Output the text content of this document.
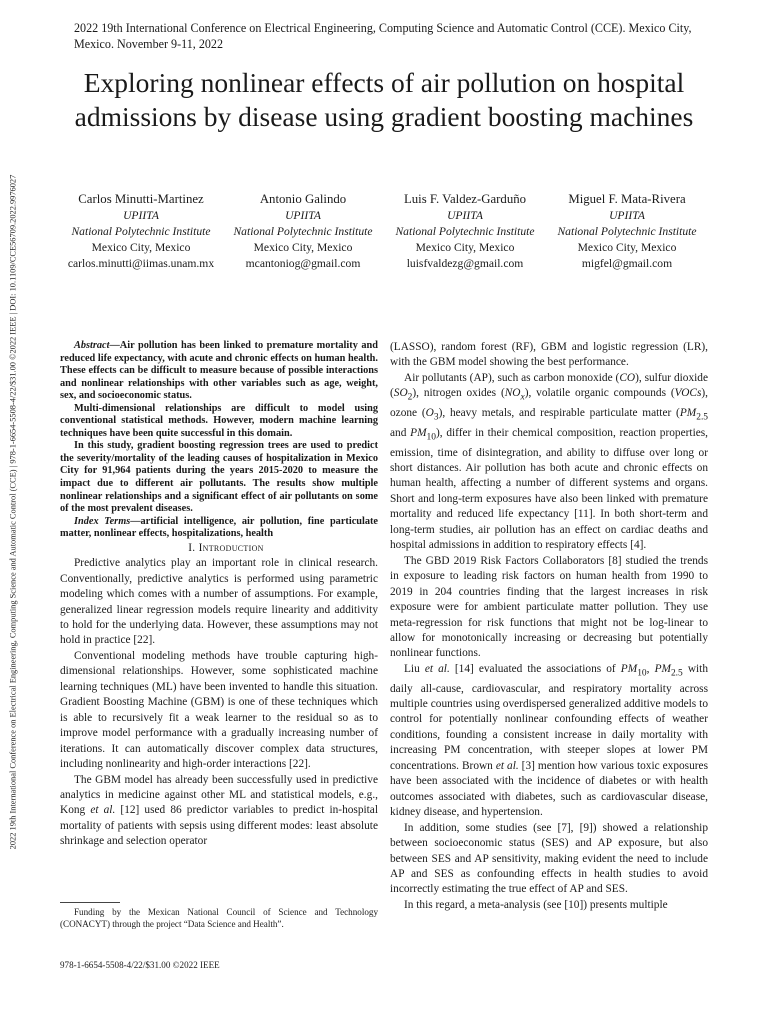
2022 19th International Conference on Electrical Engineering, Computing Science and Automatic Control (CCE) | 978-1-6654-5508-4/22/$31.00 ©2022 IEEE | DOI: 10.1109/CCE56709.2022.9976027
2022 19th International Conference on Electrical Engineering, Computing Science and Automatic Control (CCE). Mexico City, Mexico. November 9-11, 2022
Exploring nonlinear effects of air pollution on hospital admissions by disease using gradient boosting machines
Carlos Minutti-Martinez
UPIITA
National Polytechnic Institute
Mexico City, Mexico
carlos.minutti@iimas.unam.mx
Antonio Galindo
UPIITA
National Polytechnic Institute
Mexico City, Mexico
mcantoniog@gmail.com
Luis F. Valdez-Garduño
UPIITA
National Polytechnic Institute
Mexico City, Mexico
luisfvaldezg@gmail.com
Miguel F. Mata-Rivera
UPIITA
National Polytechnic Institute
Mexico City, Mexico
migfel@gmail.com

Abstract—Air pollution has been linked to premature mortality and reduced life expectancy, with acute and chronic effects on human health. These effects can be difficult to measure because of possible interactions and nonlinear relationships with other variables such as age, weight, sex, and socioeconomic status.

Multi-dimensional relationships are difficult to model using conventional statistical methods. However, modern machine learning techniques have been quite successful in this domain.

In this study, gradient boosting regression trees are used to predict the severity/mortality of the leading causes of hospitalization in Mexico City for 91,964 patients during the years 2015-2020 to measure the impact due to different air pollutants. The results show multiple nonlinear relationships and a significant effect of air pollutants on some of the most prevalent diseases.

Index Terms—artificial intelligence, air pollution, fine particulate matter, nonlinear effects, hospitalizations, health

I. Introduction

Predictive analytics play an important role in clinical research. Conventionally, predictive analytics is performed using parametric modeling which comes with a number of assumptions. For example, generalized linear regression models require linearity and additivity to hold for the underlying data. However, these assumptions may not hold in practice [22].

Conventional modeling methods have trouble capturing high-dimensional relationships. However, some sophisticated machine learning techniques (ML) have been invented to handle this situation. Gradient Boosting Machine (GBM) is one of these techniques which is able to recursively fit a weak learner to the residual so as to improve model performance with a gradually increasing number of iterations. It can automatically discover complex data structures, including nonlinearity and high-order interactions [22].

The GBM model has already been successfully used in predictive analytics in medicine against other ML and statistical models, e.g., Kong et al. [12] used 86 predictor variables to predict in-hospital mortality of patients with sepsis using different modes: least absolute shrinkage and selection operator

(LASSO), random forest (RF), GBM and logistic regression (LR), with the GBM model showing the best performance.

Air pollutants (AP), such as carbon monoxide (CO), sulfur dioxide $(SO_2)$, nitrogen oxides $(NO_x)$, volatile organic compounds (VOCs), ozone $(O_3)$, heavy metals, and respirable particulate matter ($PM_{2.5}$ and $PM_{10}$), differ in their chemical composition, reaction properties, emission, time of disintegration, and ability to diffuse over long or short distances. Air pollution has both acute and chronic effects on human health, affecting a number of different systems and organs. Short and long-term exposures have also been linked with premature mortality and reduced life expectancy [11]. In both short-term and long-term studies, air pollution has an effect on cardiac deaths and hospital admissions in addition to respiratory effects [4].

The GBD 2019 Risk Factors Collaborators [8] studied the trends in exposure to leading risk factors on human health from 1990 to 2019 in 204 countries finding that the largest increases in risk exposure were for ambient particulate matter pollution. They use meta-regression for risk functions that might not be log-linear to allow for monotonically increasing or decreasing but potentially nonlinear functions.

Liu et al. [14] evaluated the associations of $PM_{10}$, $PM_{2.5}$ with daily all-cause, cardiovascular, and respiratory mortality across multiple countries using overdispersed generalized additive models to control for potentially nonlinear confounding effects of weather conditions, founding a consistent increase in daily mortality with increasing PM concentration, with steeper slopes at lower PM concentrations. Brown et al. [3] mention how various toxic exposures have been associated with the incidence of diabetes or with health outcomes associated with diabetes, such as cardiovascular disease, kidney disease, and hypertension.

In addition, some studies (see [7], [9]) showed a relationship between socioeconomic status (SES) and AP exposure, but also between SES and AP sensitivity, making evident the need to include AP and SES as confounding effects in health studies to avoid incorrectly estimating the true effect of AP and SES.

In this regard, a meta-analysis (see [10]) presents multiple

Funding by the Mexican National Council of Science and Technology (CONACYT) through the project “Data Science and Health”.
978-1-6654-5508-4/22/$31.00 ©2022 IEEE
